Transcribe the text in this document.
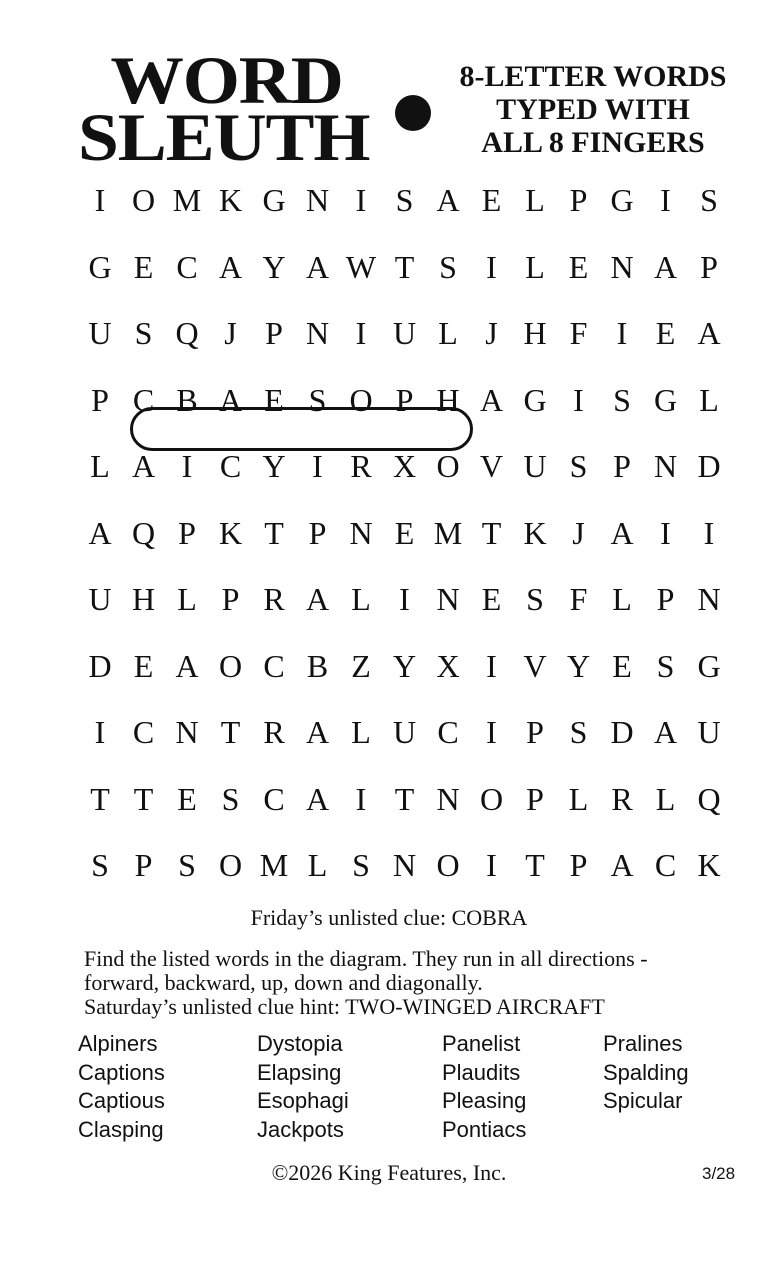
WORD
SLEUTH
8-LETTER WORDS
TYPED WITH
ALL 8 FINGERS
I O M K G N I S A E L P G I S
G E C A Y A W T S I L E N A P
U S Q J P N I U L J H F I E A
P C B A E S O P H A G I S G L
L A I C Y I R X O V U S P N D
A Q P K T P N E M T K J A I	I
U H L P R A L I N E S F L P N
D E A O C B Z Y X I V Y E S G
I C N T R A L U C I P S D A U
T T E S C A I T N O P L R L Q
S P S O M L S N O I T P A C K
Friday’s unlisted clue: COBRA
Find the listed words in the diagram. They run in all directions -
forward, backward, up, down and diagonally.
Saturday’s unlisted clue hint: TWO-WINGED AIRCRAFT
Alpiners
Captions
Captious
Clasping
Dystopia
Elapsing
Esophagi
Jackpots
Panelist
Plaudits
Pleasing
Pontiacs
Pralines
Spalding
Spicular
©2026 King Features, Inc.	3/28
